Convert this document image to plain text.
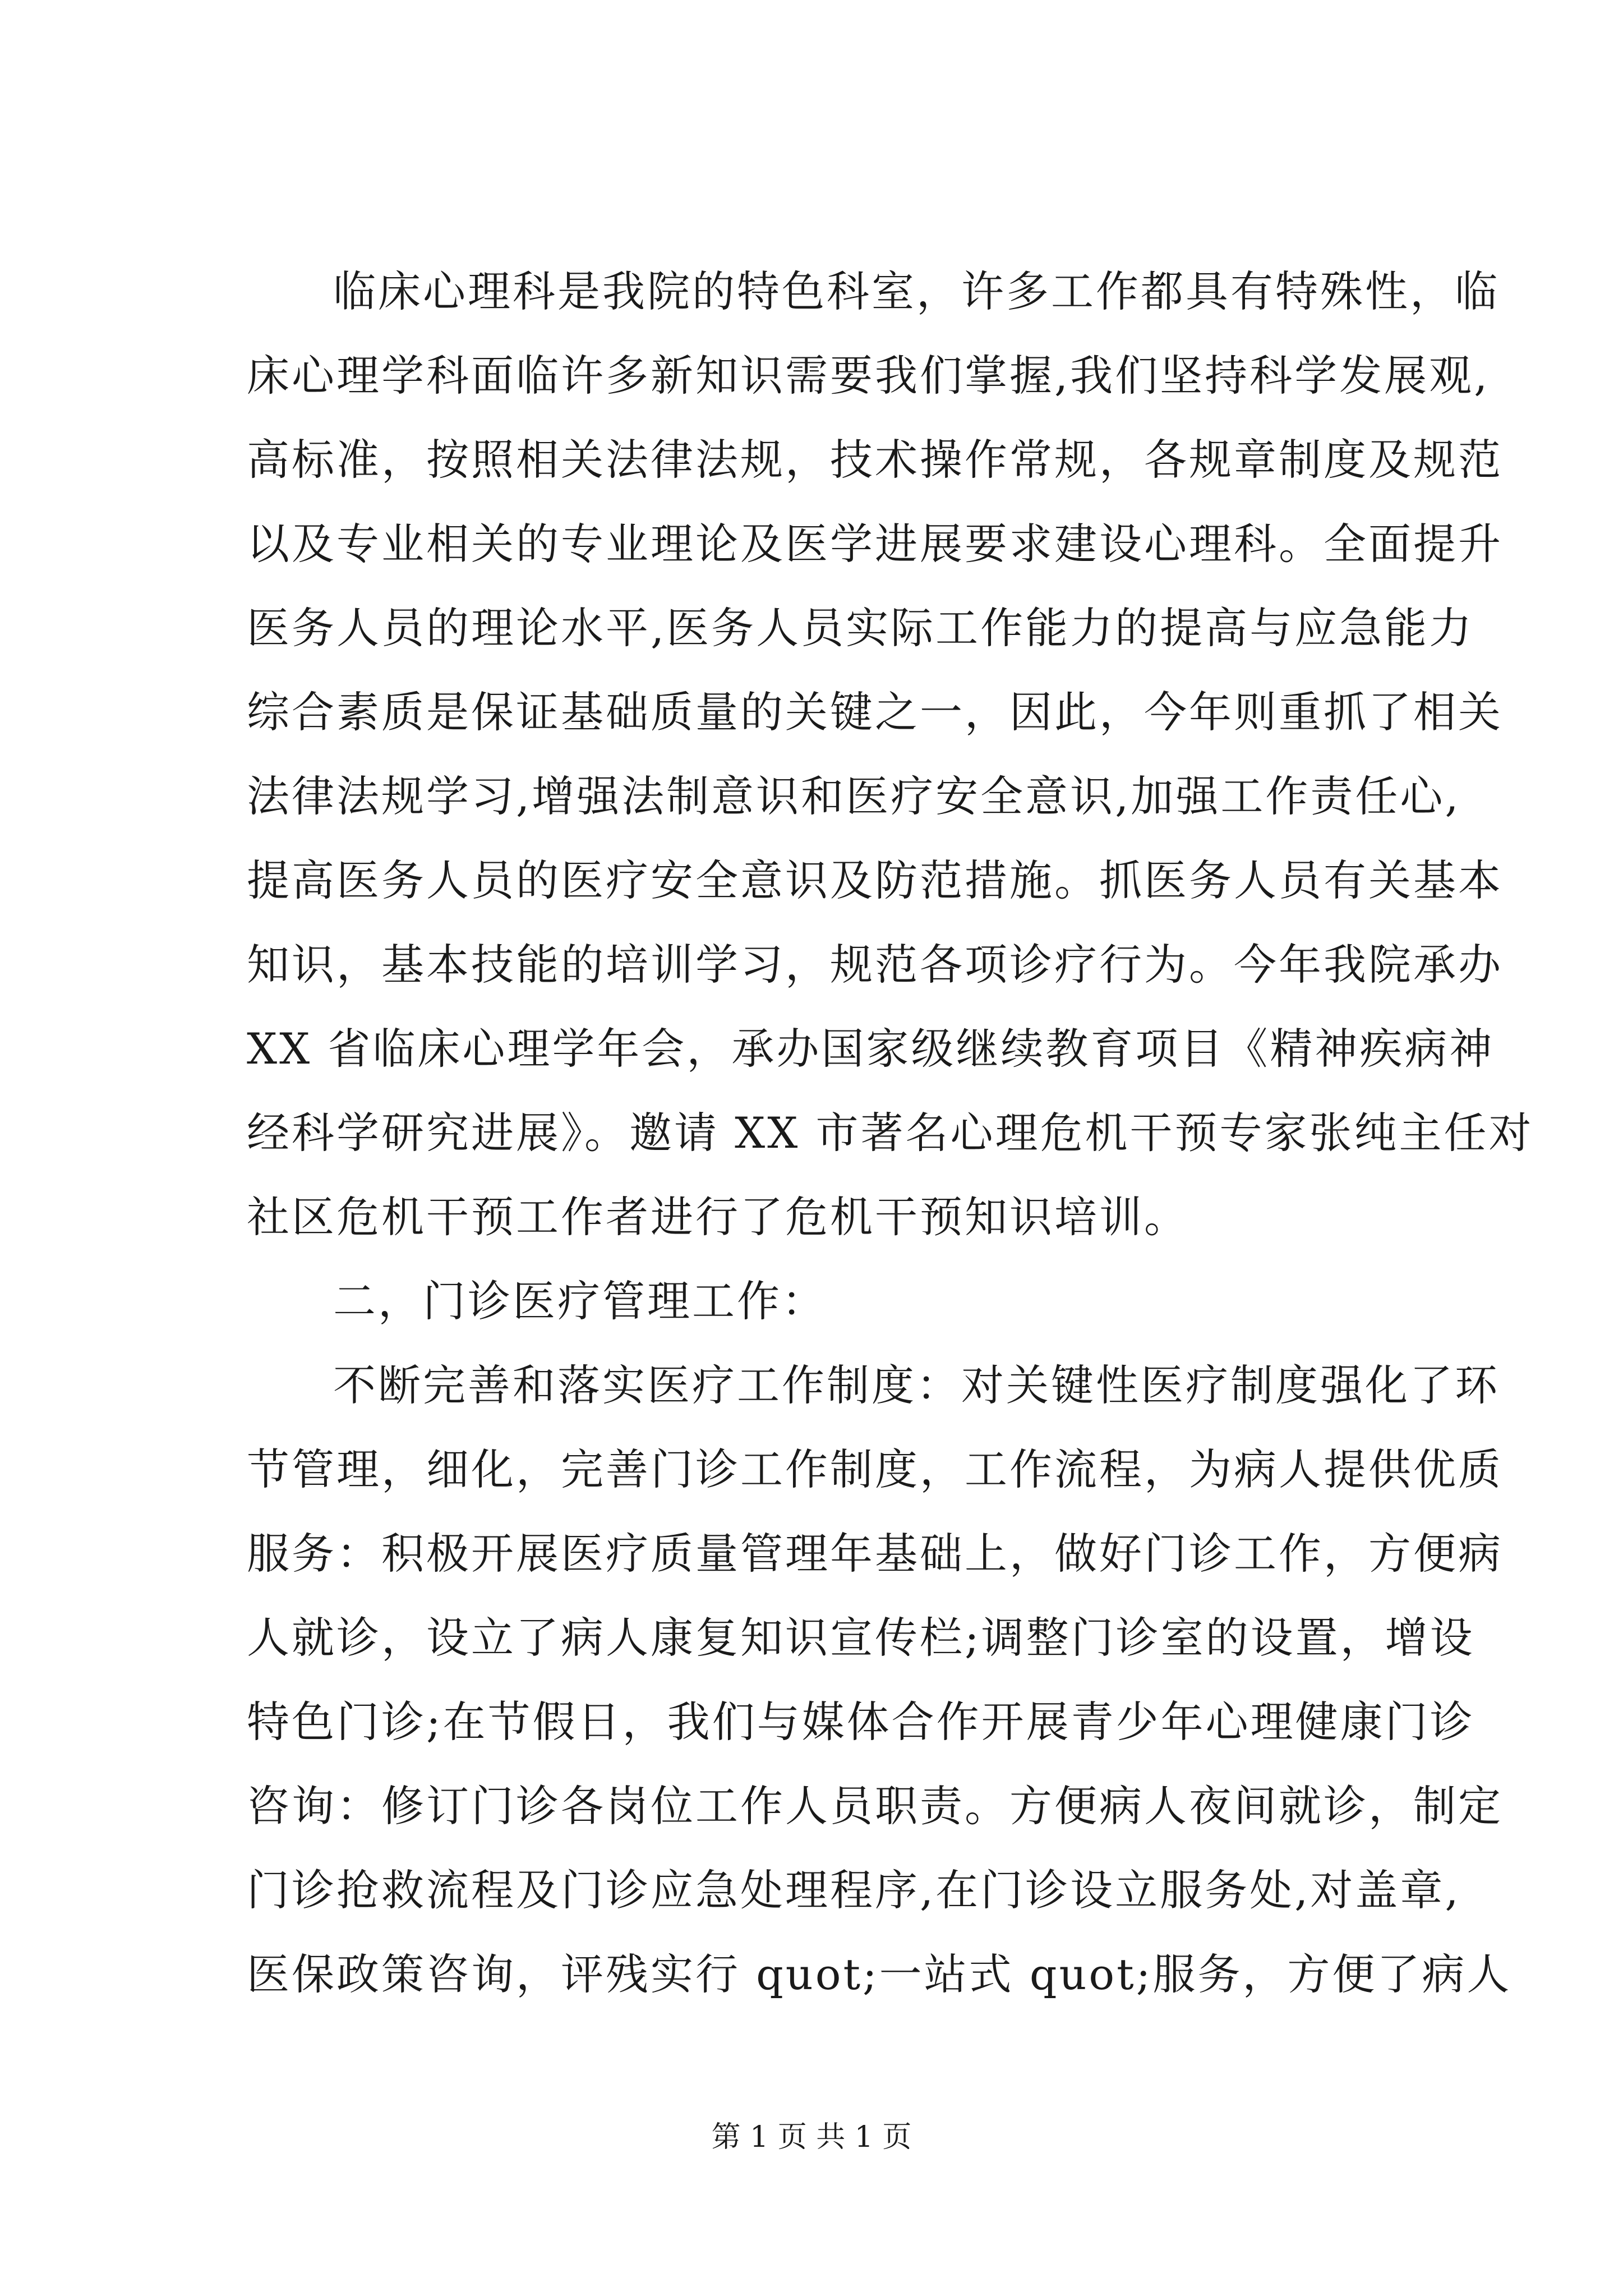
临床心理科是我院的特色科室，许多工作都具有特殊性，临
床心理学科面临许多新知识需要我们掌握,我们坚持科学发展观,
高标准，按照相关法律法规，技术操作常规，各规章制度及规范
以及专业相关的专业理论及医学进展要求建设心理科。全面提升
医务人员的理论水平,医务人员实际工作能力的提高与应急能力
综合素质是保证基础质量的关键之一，因此，今年则重抓了相关
法律法规学习,增强法制意识和医疗安全意识,加强工作责任心,
提高医务人员的医疗安全意识及防范措施。抓医务人员有关基本
知识，基本技能的培训学习，规范各项诊疗行为。今年我院承办
XX 省临床心理学年会，承办国家级继续教育项目《精神疾病神
经科学研究进展》。邀请 XX 市著名心理危机干预专家张纯主任对
社区危机干预工作者进行了危机干预知识培训。
二，门诊医疗管理工作：
不断完善和落实医疗工作制度：对关键性医疗制度强化了环
节管理，细化，完善门诊工作制度，工作流程，为病人提供优质
服务：积极开展医疗质量管理年基础上，做好门诊工作，方便病
人就诊，设立了病人康复知识宣传栏;调整门诊室的设置，增设
特色门诊;在节假日，我们与媒体合作开展青少年心理健康门诊
咨询：修订门诊各岗位工作人员职责。方便病人夜间就诊，制定
门诊抢救流程及门诊应急处理程序,在门诊设立服务处,对盖章,
医保政策咨询，评残实行 quot;一站式 quot;服务，方便了病人
第 1 页 共 1 页
